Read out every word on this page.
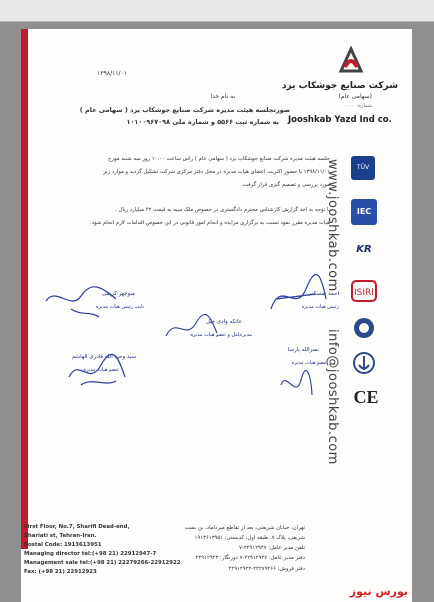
شرکت صنایع جوشکاب یزد
(سهامی عام)
شماره: ۰۰۰۰
Jooshkab Yazd Ind co.
۱۳۹۸/۱۱/۰۱
به نام خدا
صورتجلسه هیئت مدیره شرکت صنایع جوشکاب یزد ( سهامی عام )
به شماره ثبت ۵۵۶۶ و شماره ملی ۱۰۱۰۰۹۶۷۰۹۸
جلسه هیئت مدیره شرکت صنایع جوشکاب یزد ( سهامی عام ) راس ساعت ۱۰:۰۰ روز سه شنبه مورخ
۱۳۹۸/۱۱/۰۱ با حضور اکثریت اعضای هیات مدیره در محل دفتر مرکزی شرکت تشکیل گردید و موارد زیر
مورد بررسی و تصمیم گیری قرار گرفت.
با توجه به اخذ گزارش کارشناس محترم دادگستری در خصوص ملک مبیه به قیمت ۴۲ میلیارد ریال ،
هیات مدیره مقرر نمود نسبت به برگزاری مزایده و انجام امور قانونی در این خصوص اقدامات لازم انجام شود.
www.jooshkab.com
info@jooshkab.com
TÜV
IEC
KR
ISIRI
CE
منوچهر کریمی
نایب رئیس هیات مدیره
احمد تمسکنی
رئیس هیات مدیره
عاتکه وادی خیل
مدیرعامل و عضو هیات مدیره
سید وحید الله قادری الهاشم
عضو هیات مدیره
نصرالله پارسا
عضو هیات مدیره
First Floor, No.7, Sharifi Dead-end,
Shariati st, Tehran-Iran.
Postal Code: 1913613951
Managing director tel:(+98 21) 22912947-7
Management sale tel:(+98 21) 22279266-22912922
Fax: (+98 21) 22912923
تهران، خیابان شریعتی، بعد از تقاطع میرداماد، بن بست
شریفی، پلاک ۷، طبقه اول، کدپستی: ۱۹۱۳۶۱۳۹۵۱
تلفن مدیر عامل: ۲۲۹۱۲۹۴۷-۷
دفتر مدیر عامل: ۲۲۹۱۲۹۴۷-۷ دورنگار: ۲۲۹۱۲۹۲۳
دفتر فروش: ۲۲۲۷۹۲۶۶-۲۲۹۱۲۹۲۲
بورس نیوز
